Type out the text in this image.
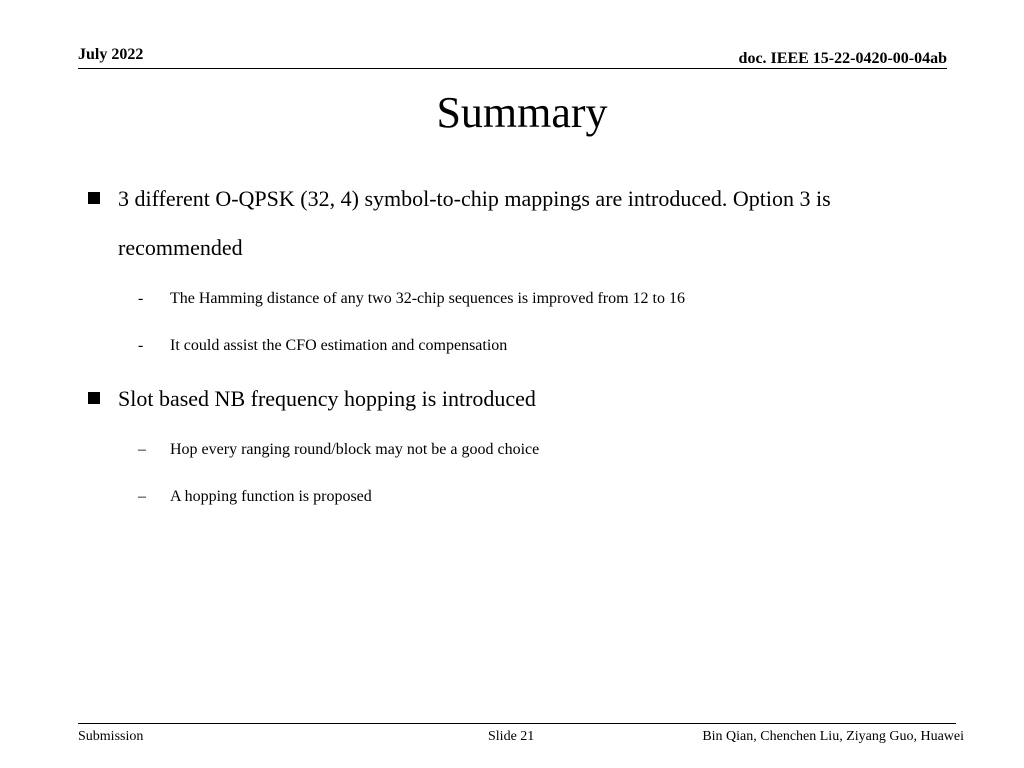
July 2022	doc. IEEE 15-22-0420-00-04ab
Summary
3 different O-QPSK (32, 4) symbol-to-chip mappings are introduced. Option 3 is recommended
- The Hamming distance of any two 32-chip sequences is improved from 12 to 16
- It could assist the CFO estimation and compensation
Slot based NB frequency hopping is introduced
– Hop every ranging round/block may not be a good choice
– A hopping function is proposed
Submission	Slide 21	Bin Qian, Chenchen Liu, Ziyang Guo, Huawei
